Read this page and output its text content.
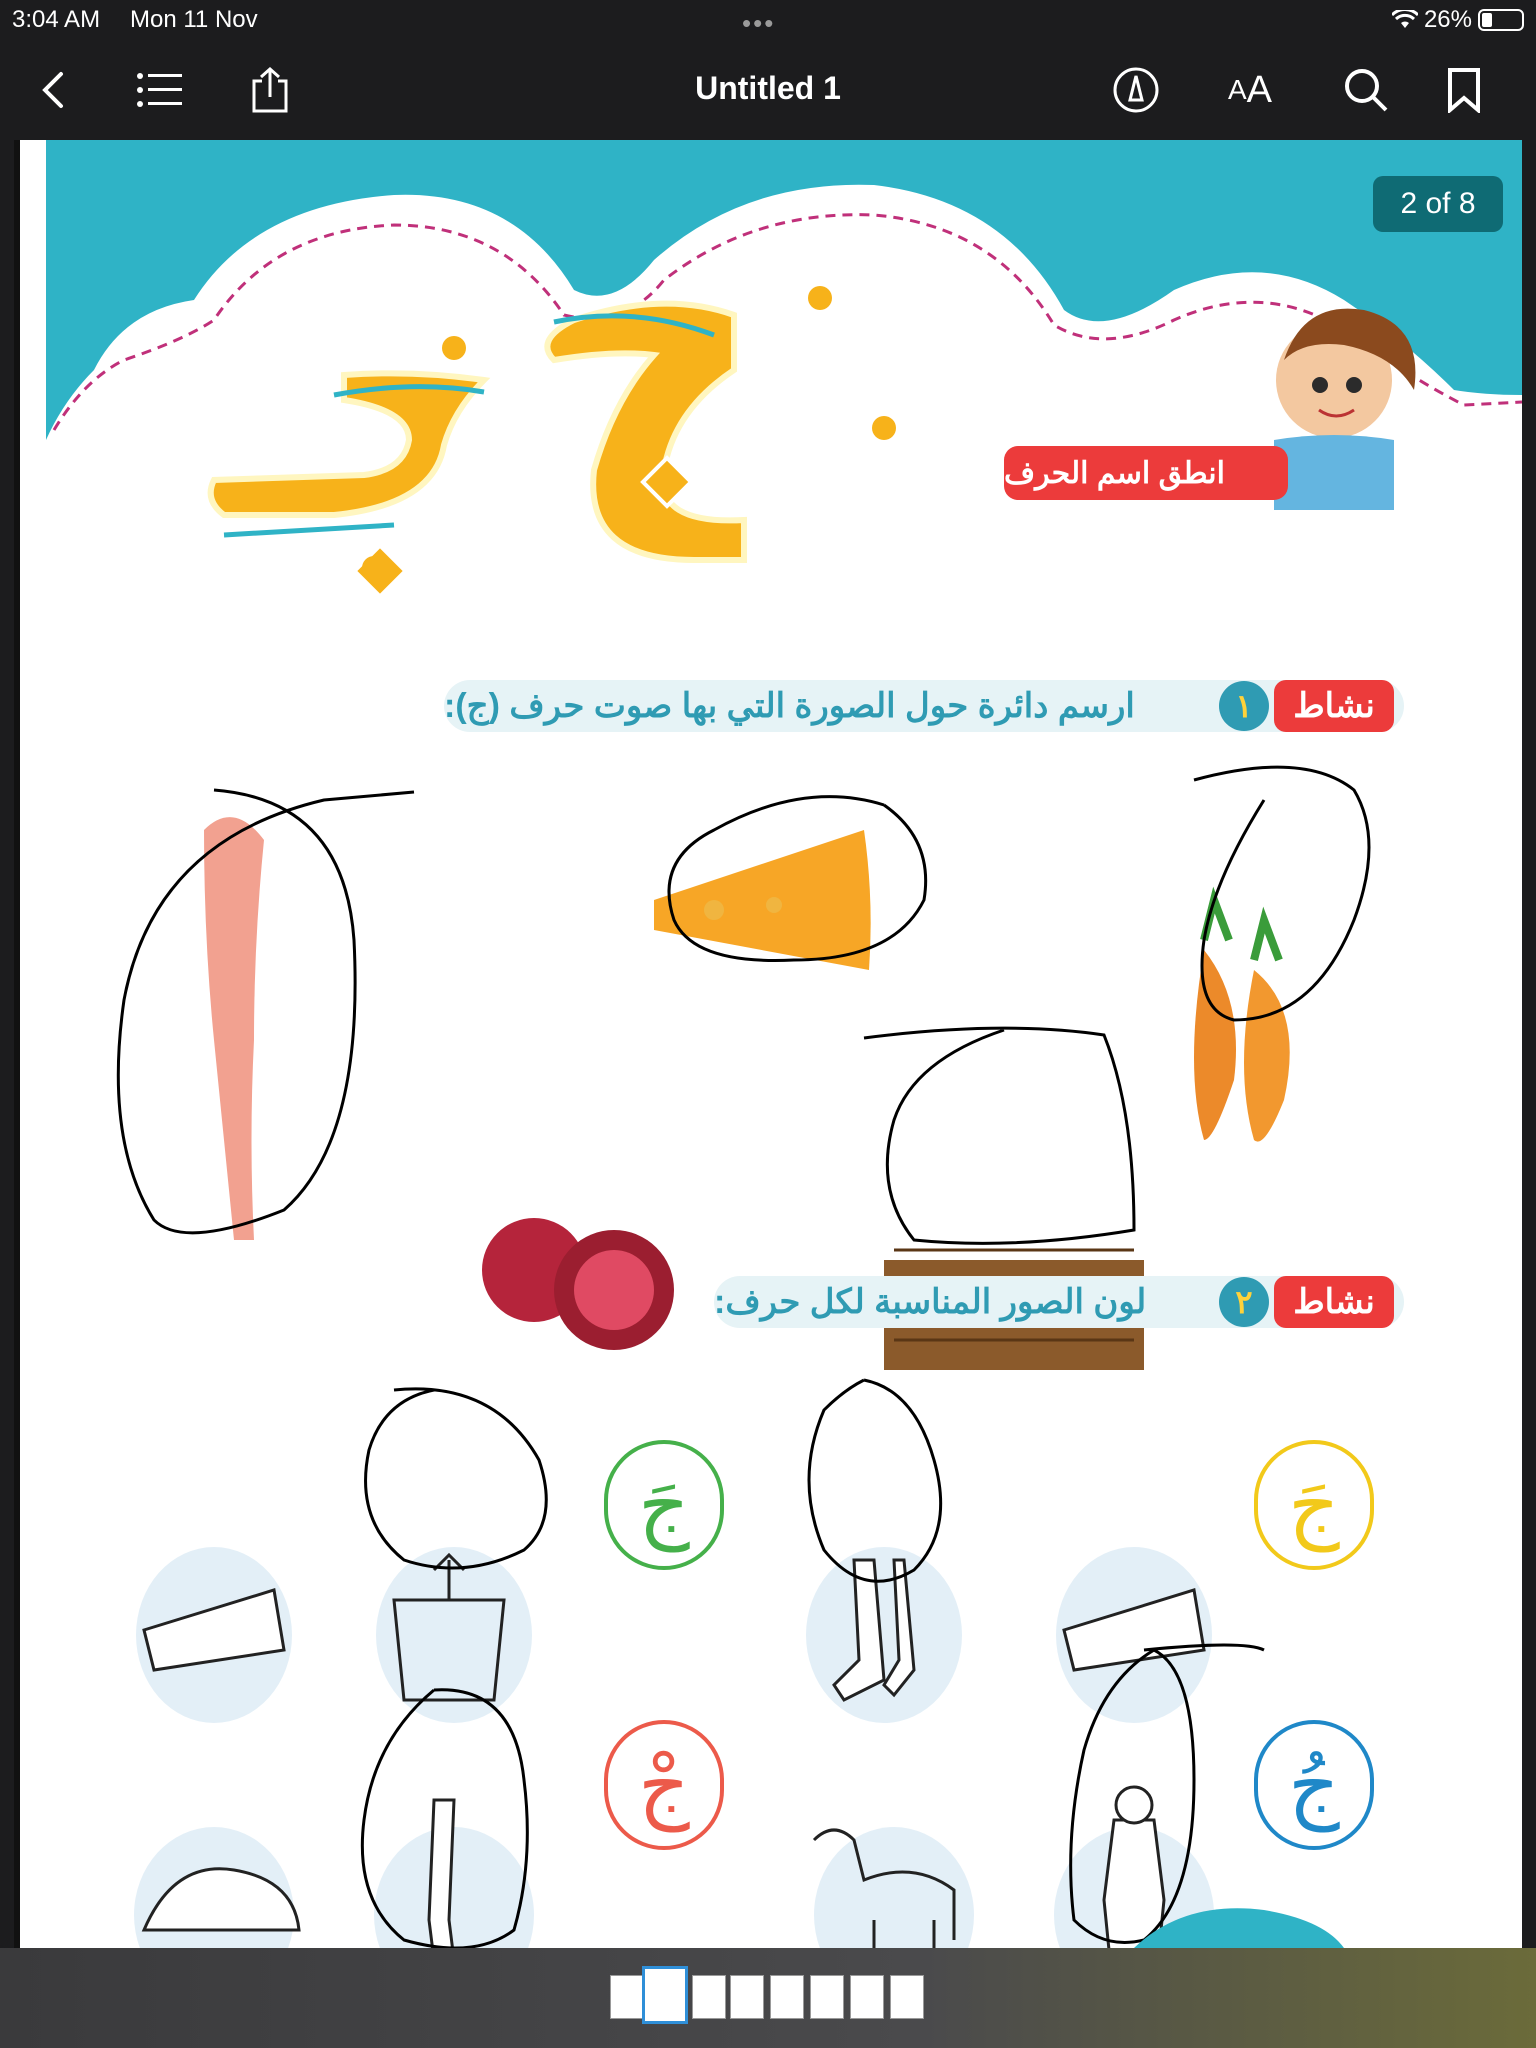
3:04 AM Mon 11 Nov	•••	26%
Untitled 1	A A
انطق اسم الحرف
ارسم دائرة حول الصورة التي بها صوت حرف (ج):	نشاط
١
لون الصور المناسبة لكل حرف:	نشاط
٢
جَ	جَ
جْ	جُ
2 of 8
